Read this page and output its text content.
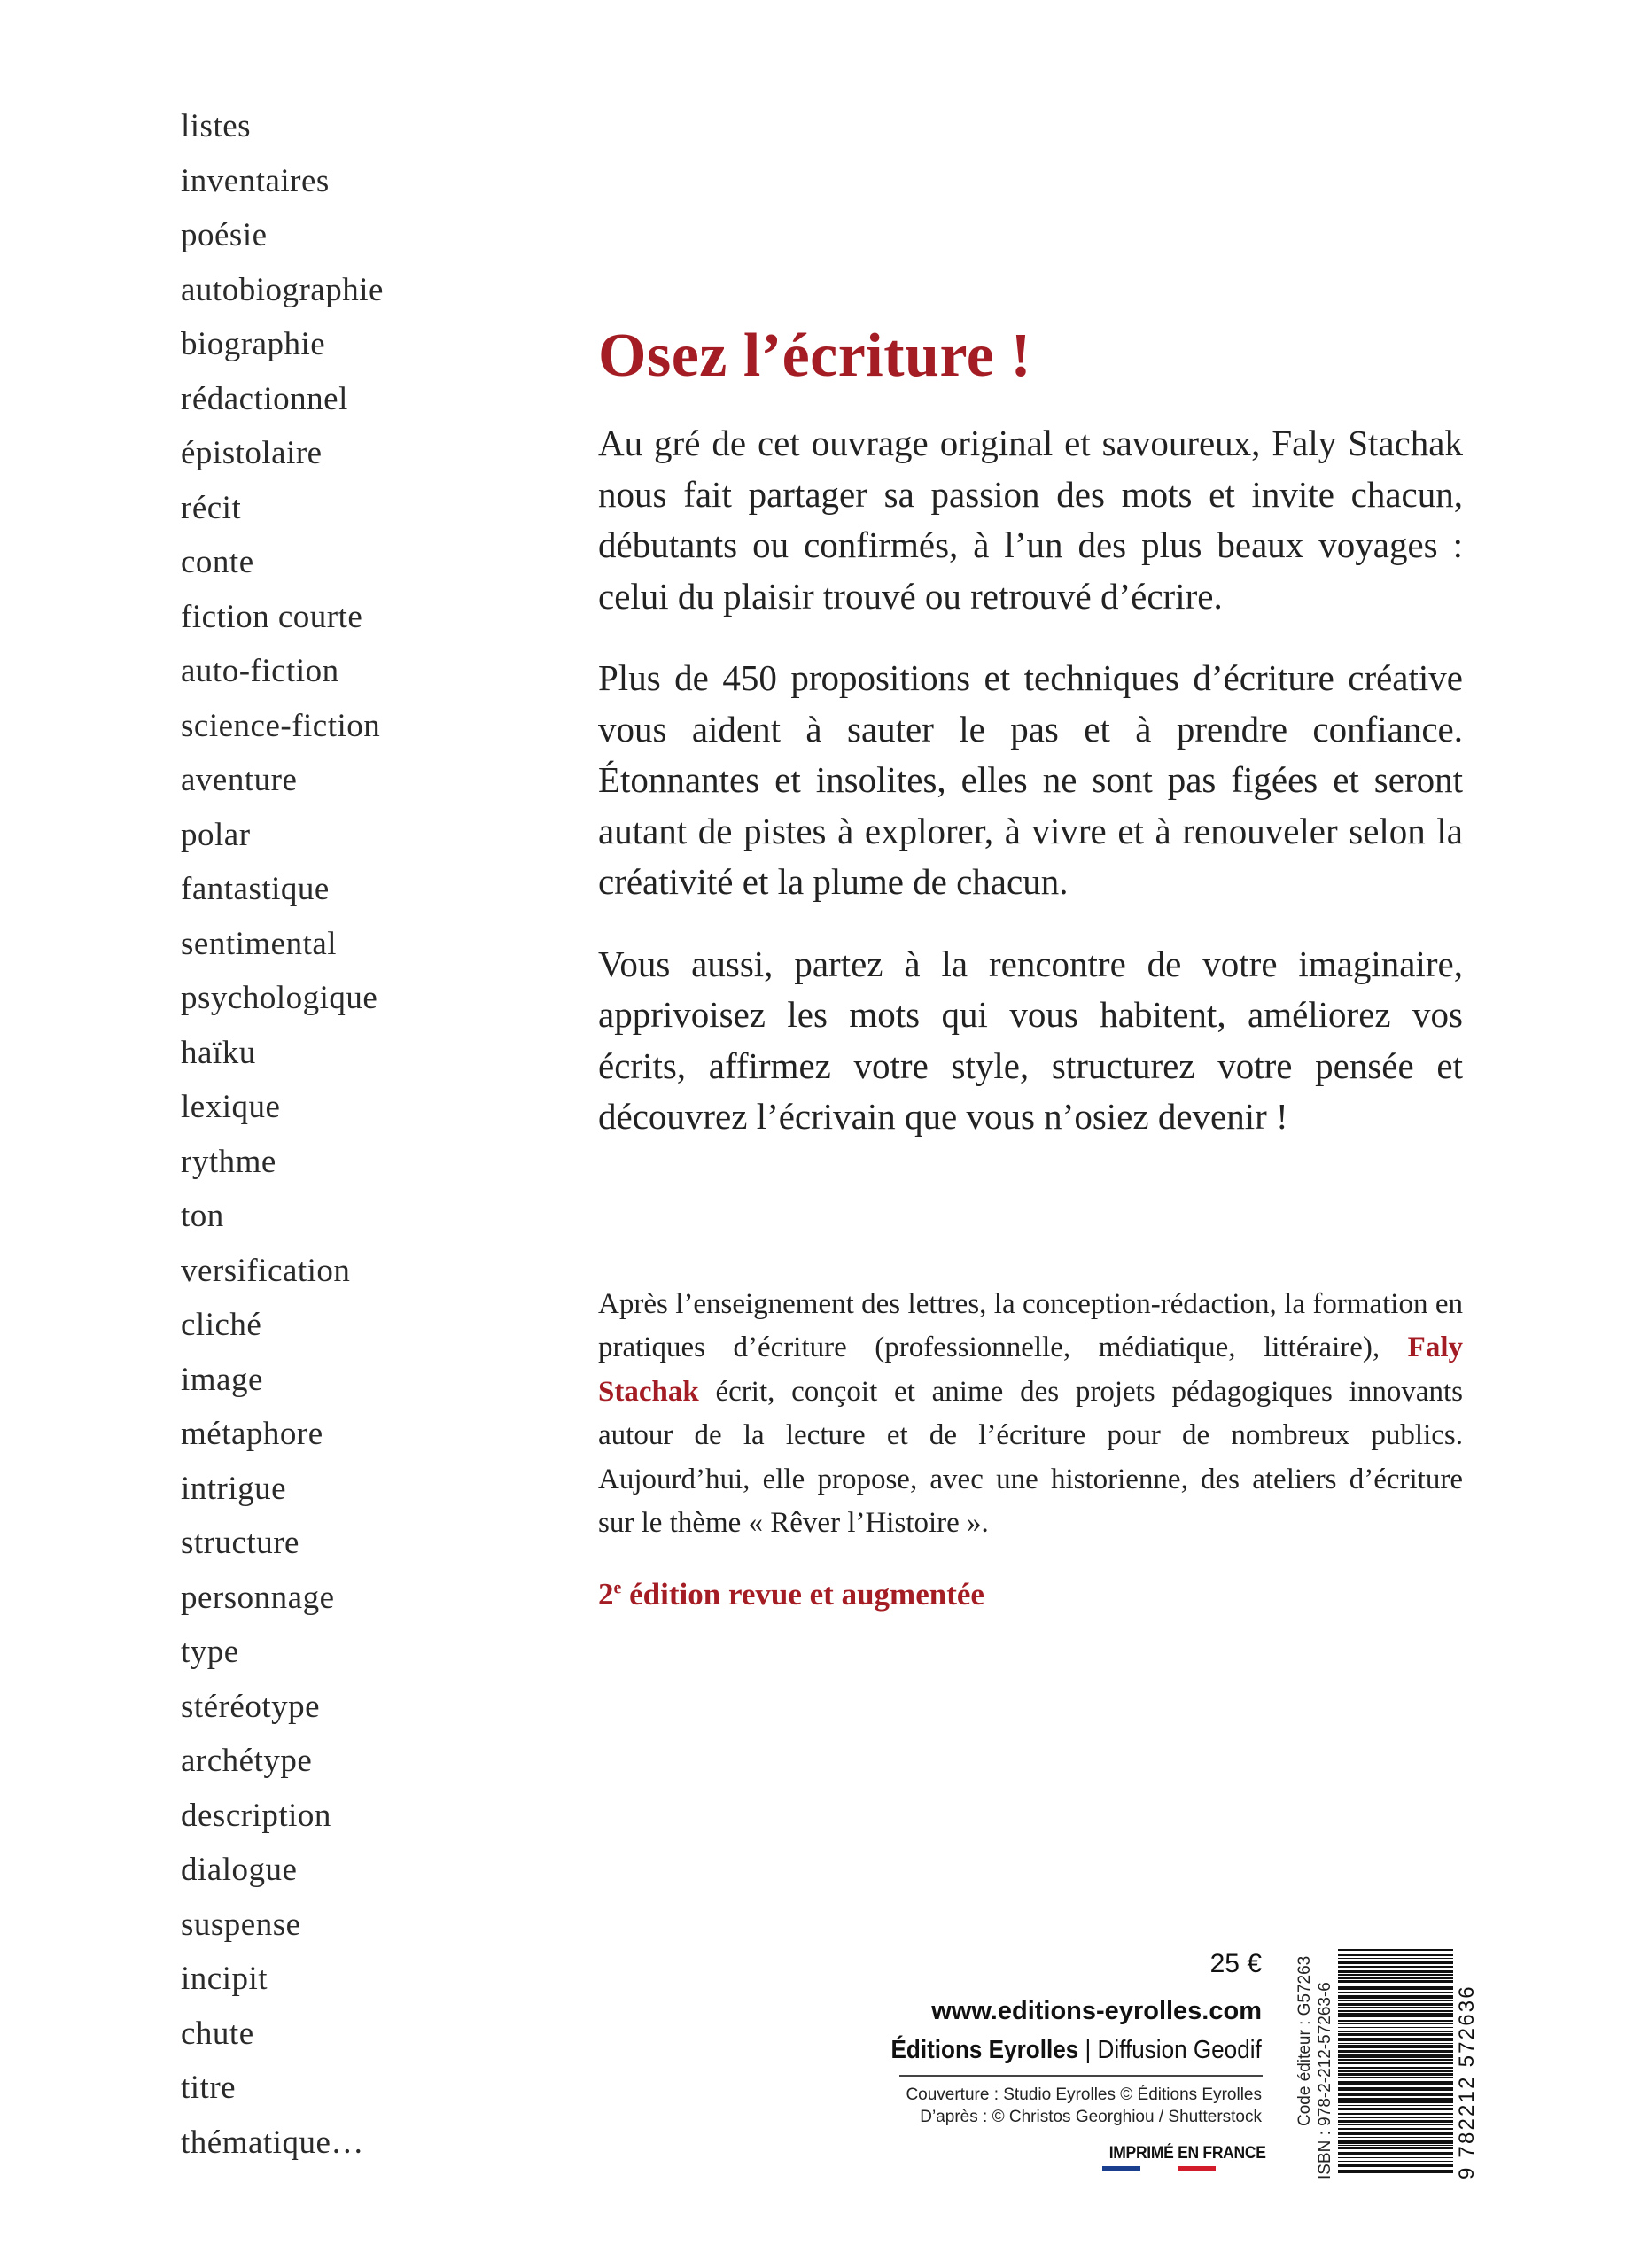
listes
inventaires
poésie
autobiographie
biographie
rédactionnel
épistolaire
récit
conte
fiction courte
auto-fiction
science-fiction
aventure
polar
fantastique
sentimental
psychologique
haïku
lexique
rythme
ton
versification
cliché
image
métaphore
intrigue
structure
personnage
type
stéréotype
archétype
description
dialogue
suspense
incipit
chute
titre
thématique…
Osez l’écriture !

Au gré de cet ouvrage original et savoureux, Faly Stachak nous fait partager sa passion des mots et invite chacun, débutants ou confirmés, à l’un des plus beaux voyages : celui du plaisir trouvé ou retrouvé d’écrire.

Plus de 450 propositions et techniques d’écriture créative vous aident à sauter le pas et à prendre confiance. Étonnantes et insolites, elles ne sont pas figées et seront autant de pistes à explorer, à vivre et à renouveler selon la créativité et la plume de chacun.

Vous aussi, partez à la rencontre de votre imaginaire, apprivoisez les mots qui vous habitent, améliorez vos écrits, affirmez votre style, structurez votre pensée et découvrez l’écrivain que vous n’osiez devenir !

Après l’enseignement des lettres, la conception-rédaction, la formation en pratiques d’écriture (professionnelle, médiatique, littéraire), Faly Stachak écrit, conçoit et anime des projets pédagogiques innovants autour de la lecture et de l’écriture pour de nombreux publics. Aujourd’hui, elle propose, avec une historienne, des ateliers d’écriture sur le thème « Rêver l’Histoire ».

2e édition revue et augmentée

25 €
www.editions-eyrolles.com
Éditions Eyrolles | Diffusion Geodif
Couverture : Studio Eyrolles © Éditions Eyrolles
D’après : © Christos Georghiou / Shutterstock
IMPRIMÉ EN FRANCE
Code éditeur : G57263 ISBN : 978-2-212-57263-6	9 782212 572636
